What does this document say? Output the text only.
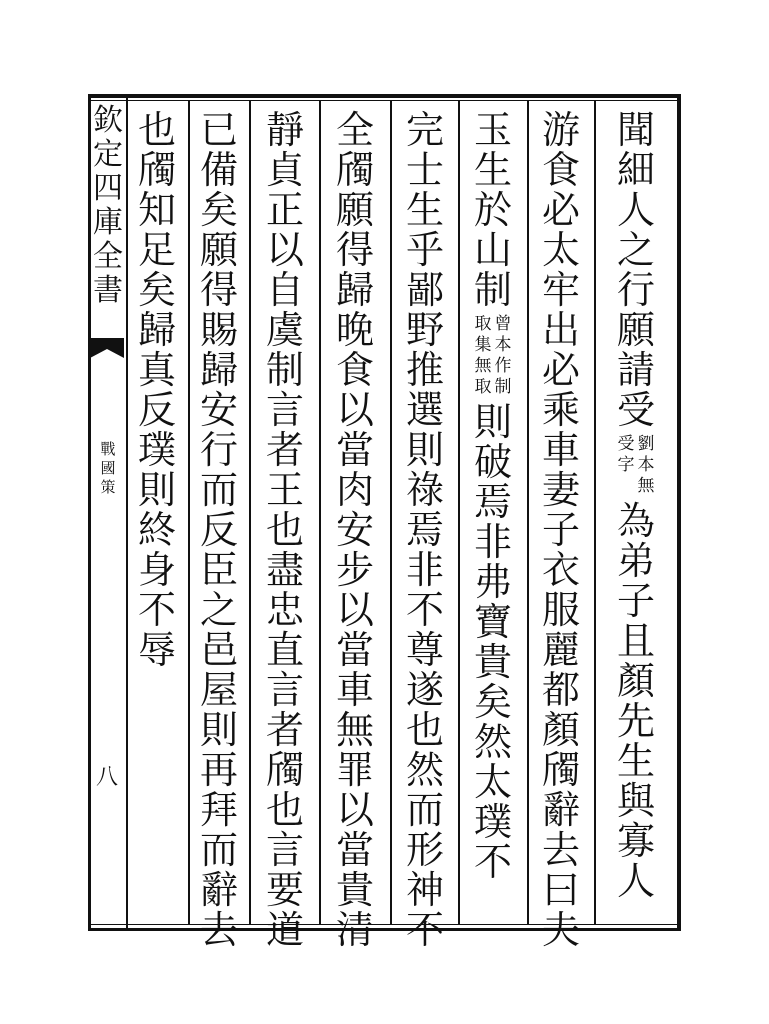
欽
定
四
庫
全
書
戰
國
策
八
聞
細
人
之
行
願
請
受
劉
本
無
受
字
為
弟
子
且
顏
先
生
與
寡
人
游
食
必
太
牢
出
必
乘
車
妻
子
衣
服
麗
都
顏
斶
辭
去
曰
夫
玉
生
於
山
制
曾
本
作
制
取
集
無
取
則
破
焉
非
弗
寶
貴
矣
然
太
璞
不
完
士
生
乎
鄙
野
推
選
則
祿
焉
非
不
尊
遂
也
然
而
形
神
不
全
斶
願
得
歸
晚
食
以
當
肉
安
步
以
當
車
無
罪
以
當
貴
清
靜
貞
正
以
自
虞
制
言
者
王
也
盡
忠
直
言
者
斶
也
言
要
道
已
備
矣
願
得
賜
歸
安
行
而
反
臣
之
邑
屋
則
再
拜
而
辭
去
也
斶
知
足
矣
歸
真
反
璞
則
終
身
不
辱
